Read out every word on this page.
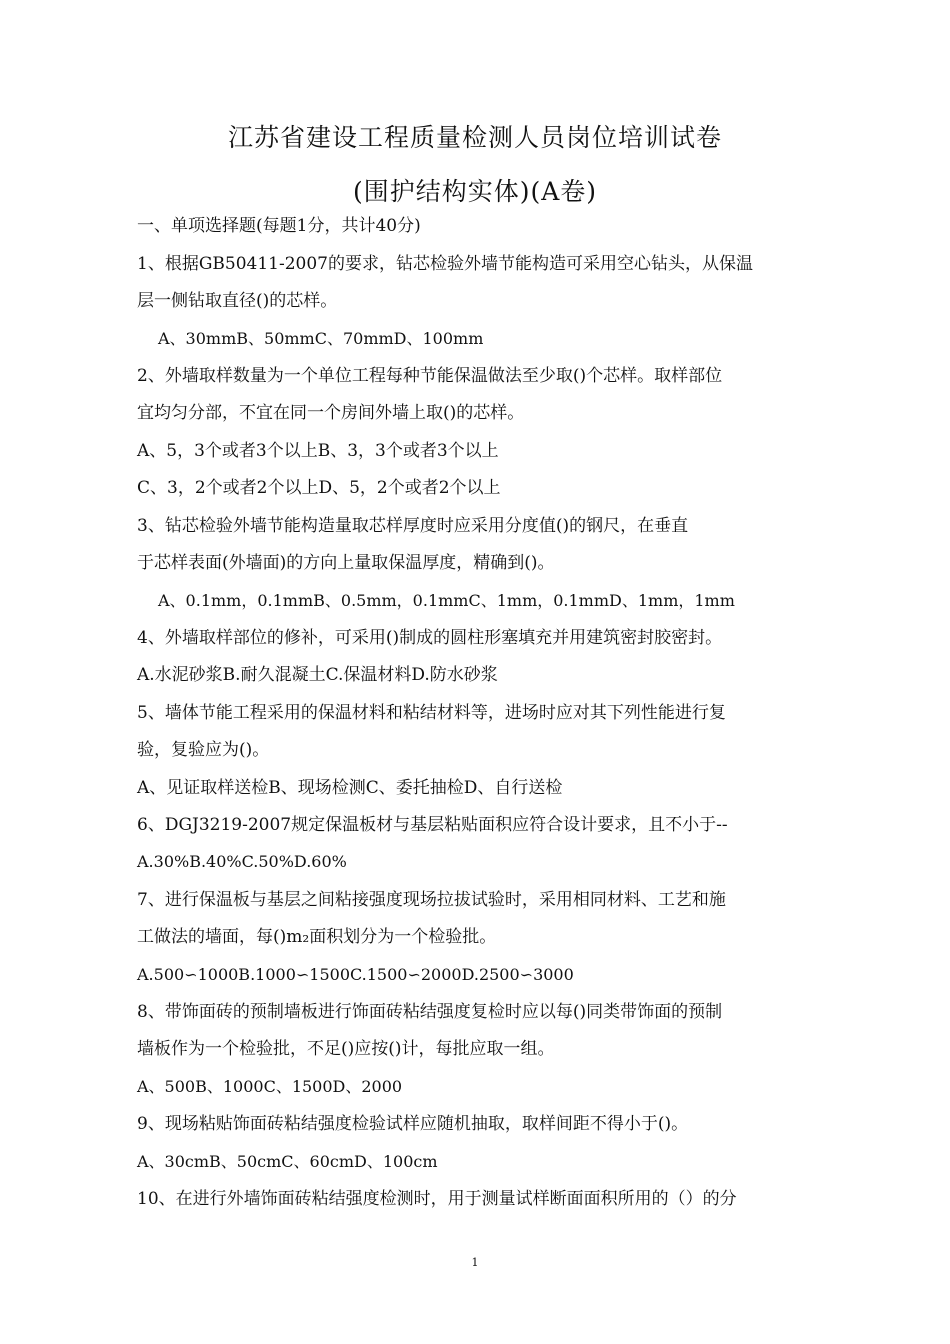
江苏省建设工程质量检测人员岗位培训试卷
(围护结构实体)(A卷)
一、单项选择题(每题1分，共计40分)
1、根据GB50411-2007的要求，钻芯检验外墙节能构造可采用空心钻头，从保温
层一侧钻取直径()的芯样。
A、30mmB、50mmC、70mmD、100mm
2、外墙取样数量为一个单位工程每种节能保温做法至少取()个芯样。取样部位
宜均匀分部，不宜在同一个房间外墙上取()的芯样。
A、5，3个或者3个以上B、3，3个或者3个以上
C、3，2个或者2个以上D、5，2个或者2个以上
3、钻芯检验外墙节能构造量取芯样厚度时应采用分度值()的钢尺，在垂直
于芯样表面(外墙面)的方向上量取保温厚度，精确到()。
A、0.1mm，0.1mmB、0.5mm，0.1mmC、1mm，0.1mmD、1mm，1mm
4、外墙取样部位的修补，可采用()制成的圆柱形塞填充并用建筑密封胶密封。
A.水泥砂浆B.耐久混凝土C.保温材料D.防水砂浆
5、墙体节能工程采用的保温材料和粘结材料等，进场时应对其下列性能进行复
验，复验应为()。
A、见证取样送检B、现场检测C、委托抽检D、自行送检
6、DGJ3219-2007规定保温板材与基层粘贴面积应符合设计要求，且不小于--
A.30%B.40%C.50%D.60%
7、进行保温板与基层之间粘接强度现场拉拔试验时，采用相同材料、工艺和施
工做法的墙面，每()m₂面积划分为一个检验批。
A.500∽1000B.1000∽1500C.1500∽2000D.2500∽3000
8、带饰面砖的预制墙板进行饰面砖粘结强度复检时应以每()同类带饰面的预制
墙板作为一个检验批，不足()应按()计，每批应取一组。
A、500B、1000C、1500D、2000
9、现场粘贴饰面砖粘结强度检验试样应随机抽取，取样间距不得小于()。
A、30cmB、50cmC、60cmD、100cm
10、在进行外墙饰面砖粘结强度检测时，用于测量试样断面面积所用的（）的分
1
